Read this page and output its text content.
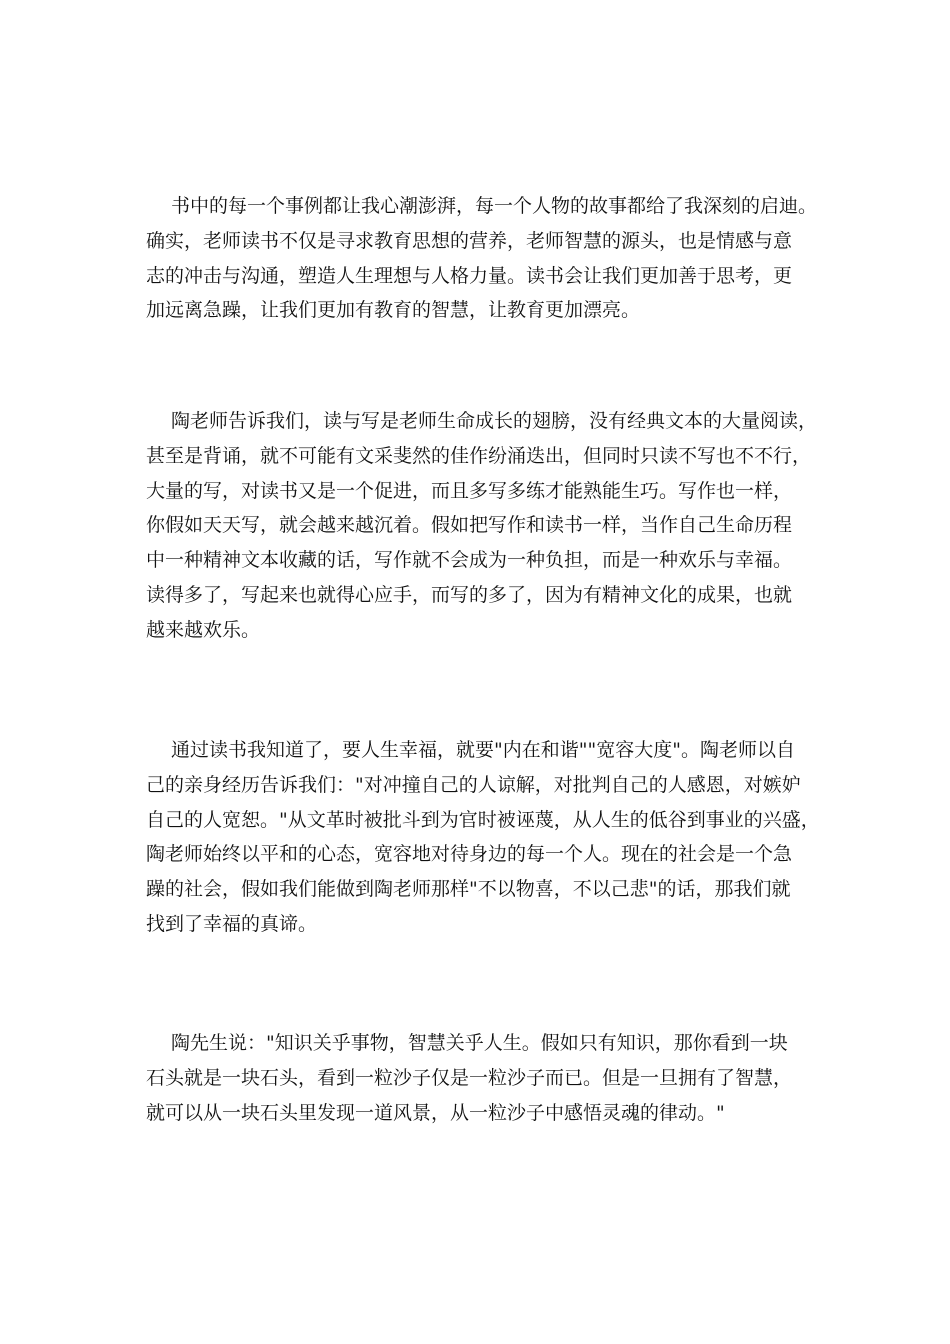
书中的每一个事例都让我心潮澎湃，每一个人物的故事都给了我深刻的启迪。
确实，老师读书不仅是寻求教育思想的营养，老师智慧的源头，也是情感与意
志的冲击与沟通，塑造人生理想与人格力量。读书会让我们更加善于思考，更
加远离急躁，让我们更加有教育的智慧，让教育更加漂亮。
陶老师告诉我们，读与写是老师生命成长的翅膀，没有经典文本的大量阅读，
甚至是背诵，就不可能有文采斐然的佳作纷涌迭出，但同时只读不写也不不行，
大量的写，对读书又是一个促进，而且多写多练才能熟能生巧。写作也一样，
你假如天天写，就会越来越沉着。假如把写作和读书一样，当作自己生命历程
中一种精神文本收藏的话，写作就不会成为一种负担，而是一种欢乐与幸福。
读得多了，写起来也就得心应手，而写的多了，因为有精神文化的成果，也就
越来越欢乐。
通过读书我知道了，要人生幸福，就要"内在和谐""宽容大度"。陶老师以自
己的亲身经历告诉我们："对冲撞自己的人谅解，对批判自己的人感恩，对嫉妒
自己的人宽恕。"从文革时被批斗到为官时被诬蔑，从人生的低谷到事业的兴盛，
陶老师始终以平和的心态，宽容地对待身边的每一个人。现在的社会是一个急
躁的社会，假如我们能做到陶老师那样"不以物喜，不以己悲"的话，那我们就
找到了幸福的真谛。
陶先生说："知识关乎事物，智慧关乎人生。假如只有知识，那你看到一块
石头就是一块石头，看到一粒沙子仅是一粒沙子而已。但是一旦拥有了智慧，
就可以从一块石头里发现一道风景，从一粒沙子中感悟灵魂的律动。"
